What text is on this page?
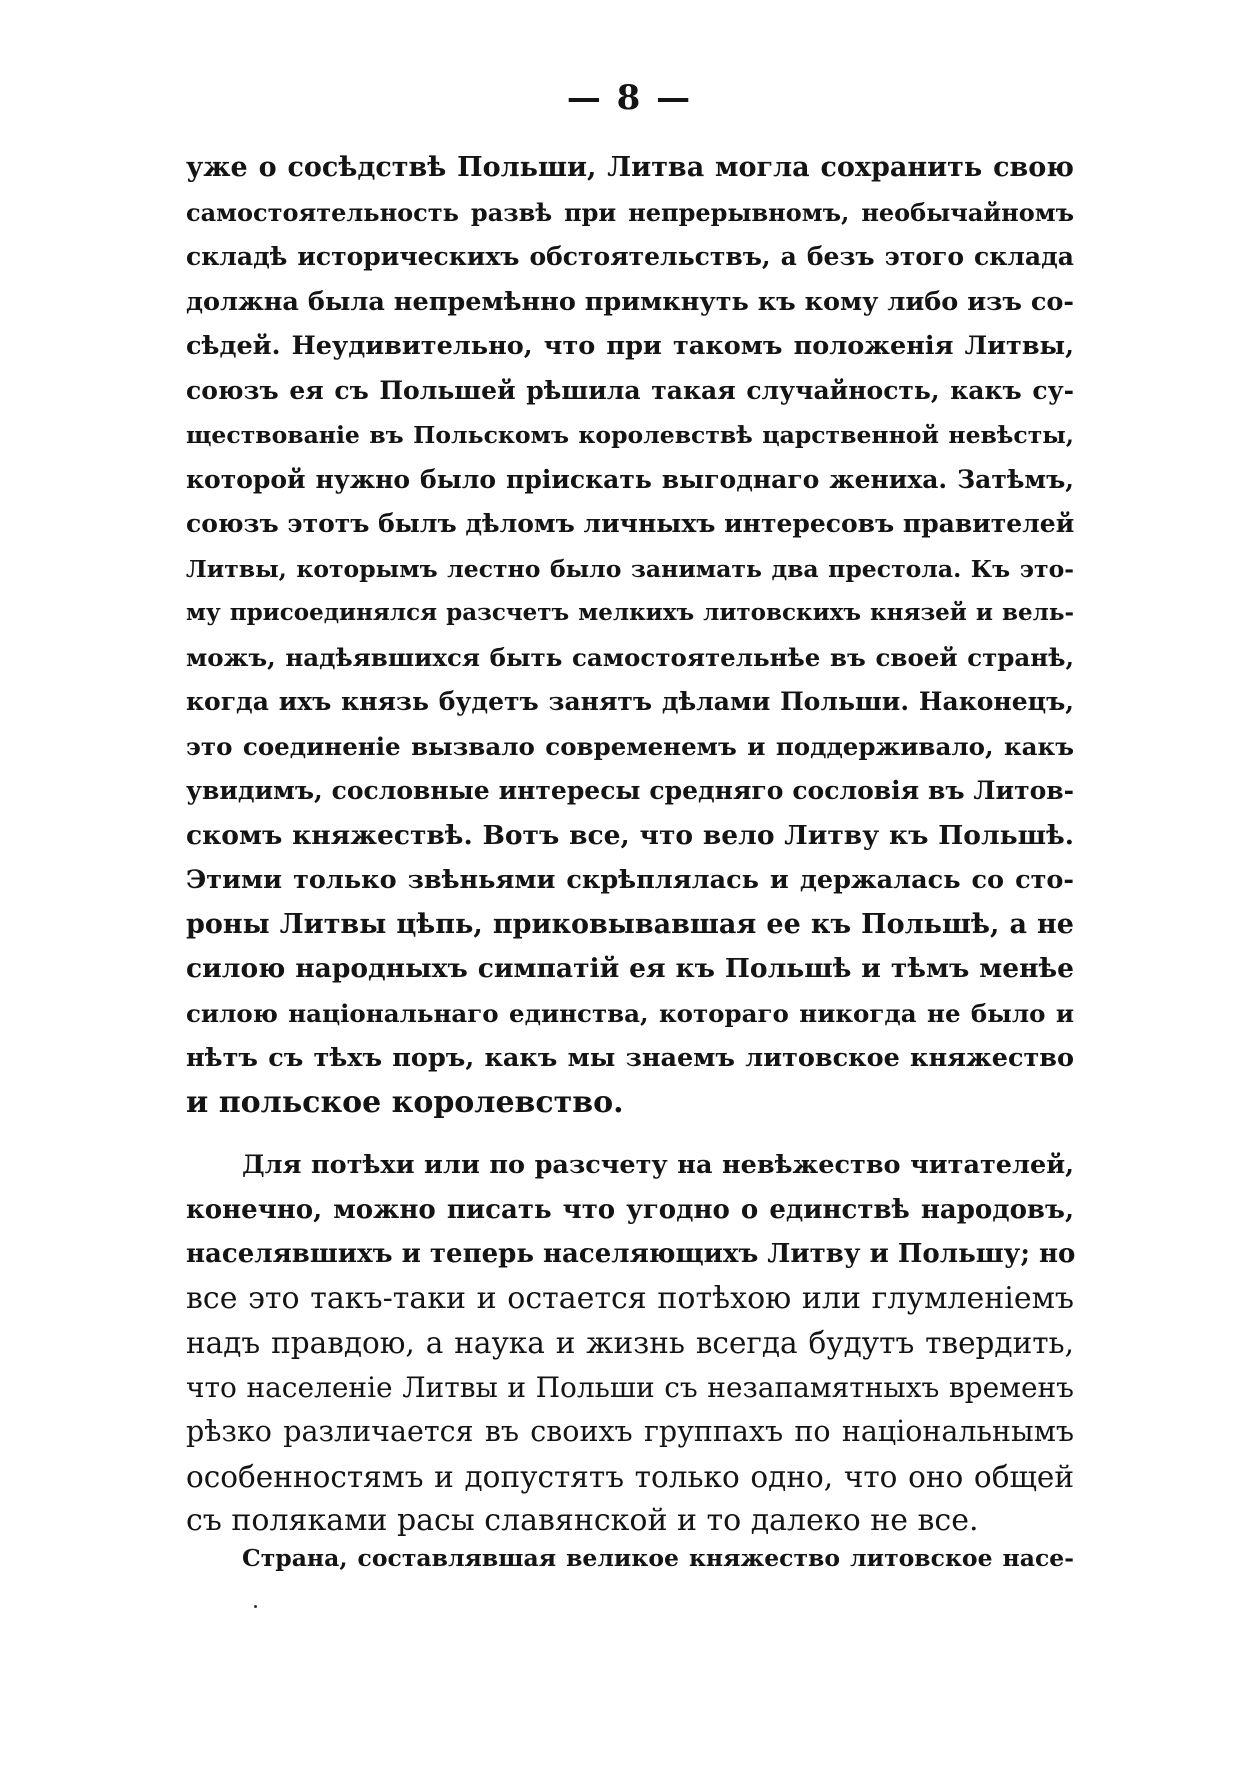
— 8 —
уже о сосѣдствѣ Польши, Литва могла сохранить свою
самостоятельность развѣ при непрерывномъ, необычайномъ
складѣ историческихъ обстоятельствъ, а безъ этого склада
должна была непремѣнно примкнуть къ кому либо изъ со-
сѣдей. Неудивительно, что при такомъ положенія Литвы,
союзъ ея съ Польшей рѣшила такая случайность, какъ су-
ществованіе въ Польскомъ королевствѣ царственной невѣсты,
которой нужно было пріискать выгоднаго жениха. Затѣмъ,
союзъ этотъ былъ дѣломъ личныхъ интересовъ правителей
Литвы, которымъ лестно было занимать два престола. Къ это-
му присоединялся разсчетъ мелкихъ литовскихъ князей и вель-
можъ, надѣявшихся быть самостоятельнѣе въ своей странѣ,
когда ихъ князь будетъ занятъ дѣлами Польши. Наконецъ,
это соединеніе вызвало современемъ и поддерживало, какъ
увидимъ, сословные интересы средняго сословія въ Литов-
скомъ княжествѣ. Вотъ все, что вело Литву къ Польшѣ.
Этими только звѣньями скрѣплялась и держалась со сто-
роны Литвы цѣпь, приковывавшая ее къ Польшѣ, а не
силою народныхъ симпатій ея къ Польшѣ и тѣмъ менѣе
силою національнаго единства, котораго никогда не было и
нѣтъ съ тѣхъ поръ, какъ мы знаемъ литовское княжество
и польское королевство.
Для потѣхи или по разсчету на невѣжество читателей,
конечно, можно писать что угодно о единствѣ народовъ,
населявшихъ и теперь населяющихъ Литву и Польшу; но
все это такъ-таки и остается потѣхою или глумленіемъ
надъ правдою, а наука и жизнь всегда будутъ твердить,
что населеніе Литвы и Польши съ незапамятныхъ временъ
рѣзко различается въ своихъ группахъ по національнымъ
особенностямъ и допустятъ только одно, что оно общей
съ поляками расы славянской и то далеко не все.
Страна, составлявшая великое княжество литовское насе-
